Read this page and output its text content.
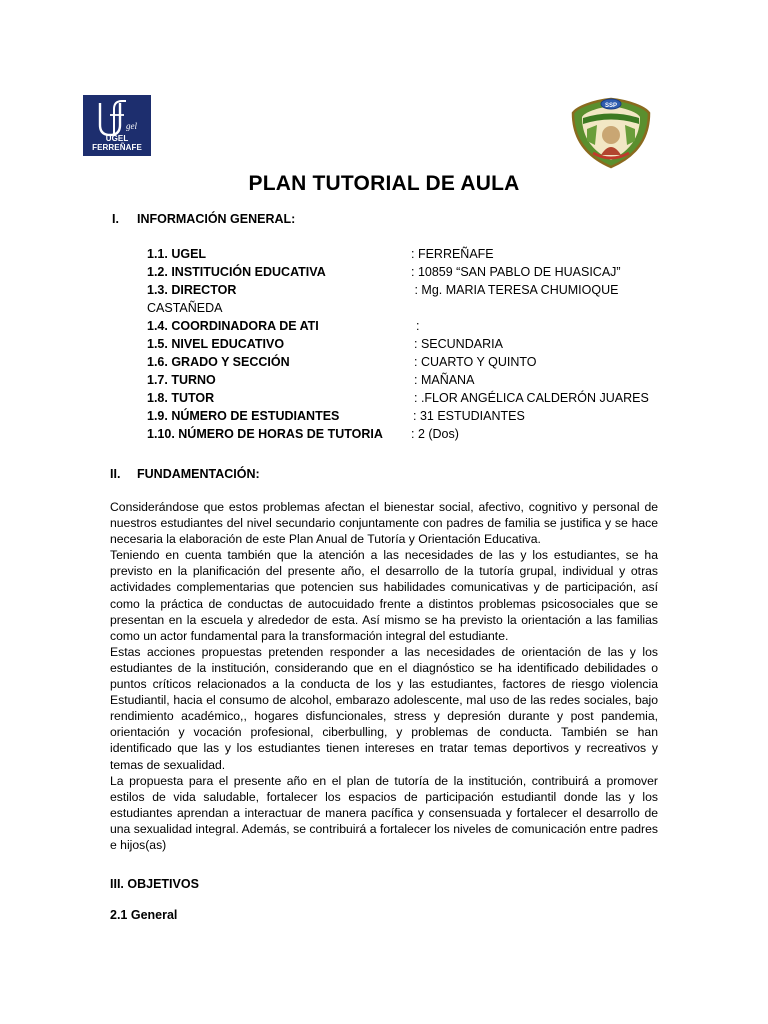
gel
UGEL FERREÑAFE
SSP
PLAN TUTORIAL DE AULA
I. INFORMACIÓN GENERAL:
1.1. UGEL	: FERREÑAFE
1.2. INSTITUCIÓN EDUCATIVA	: 10859 “SAN PABLO DE HUASICAJ”
1.3. DIRECTOR	: Mg. MARIA TERESA CHUMIOQUE
CASTAÑEDA
1.4. COORDINADORA DE ATI	:
1.5. NIVEL EDUCATIVO	: SECUNDARIA
1.6. GRADO Y SECCIÓN	: CUARTO Y QUINTO
1.7. TURNO	: MAÑANA
1.8. TUTOR	: .FLOR ANGÉLICA CALDERÓN JUARES
1.9. NÚMERO DE ESTUDIANTES	: 31 ESTUDIANTES
1.10. NÚMERO DE HORAS DE TUTORIA : 2 (Dos)
II. FUNDAMENTACIÓN:

Considerándose que estos problemas afectan el bienestar social, afectivo, cognitivo y personal de nuestros estudiantes del nivel secundario conjuntamente con padres de familia se justifica y se hace necesaria la elaboración de este Plan Anual de Tutoría y Orientación Educativa.

Teniendo en cuenta también que la atención a las necesidades de las y los estudiantes, se ha previsto en la planificación del presente año, el desarrollo de la tutoría grupal, individual y otras actividades complementarias que potencien sus habilidades comunicativas y de participación, así como la práctica de conductas de autocuidado frente a distintos problemas psicosociales que se presentan en la escuela y alrededor de esta. Así mismo se ha previsto la orientación a las familias como un actor fundamental para la transformación integral del estudiante.

Estas acciones propuestas pretenden responder a las necesidades de orientación de las y los estudiantes de la institución, considerando que en el diagnóstico se ha identificado debilidades o puntos críticos relacionados a la conducta de los y las estudiantes, factores de riesgo violencia Estudiantil, hacia el consumo de alcohol, embarazo adolescente, mal uso de las redes sociales, bajo rendimiento académico,, hogares disfuncionales, stress y depresión durante y post pandemia, orientación y vocación profesional, ciberbulling, y problemas de conducta. También se han identificado que las y los estudiantes tienen intereses en tratar temas deportivos y recreativos y temas de sexualidad.

La propuesta para el presente año en el plan de tutoría de la institución, contribuirá a promover estilos de vida saludable, fortalecer los espacios de participación estudiantil donde las y los estudiantes aprendan a interactuar de manera pacífica y consensuada y fortalecer el desarrollo de una sexualidad integral. Además, se contribuirá a fortalecer los niveles de comunicación entre padres e hijos(as)

III. OBJETIVOS
2.1 General
